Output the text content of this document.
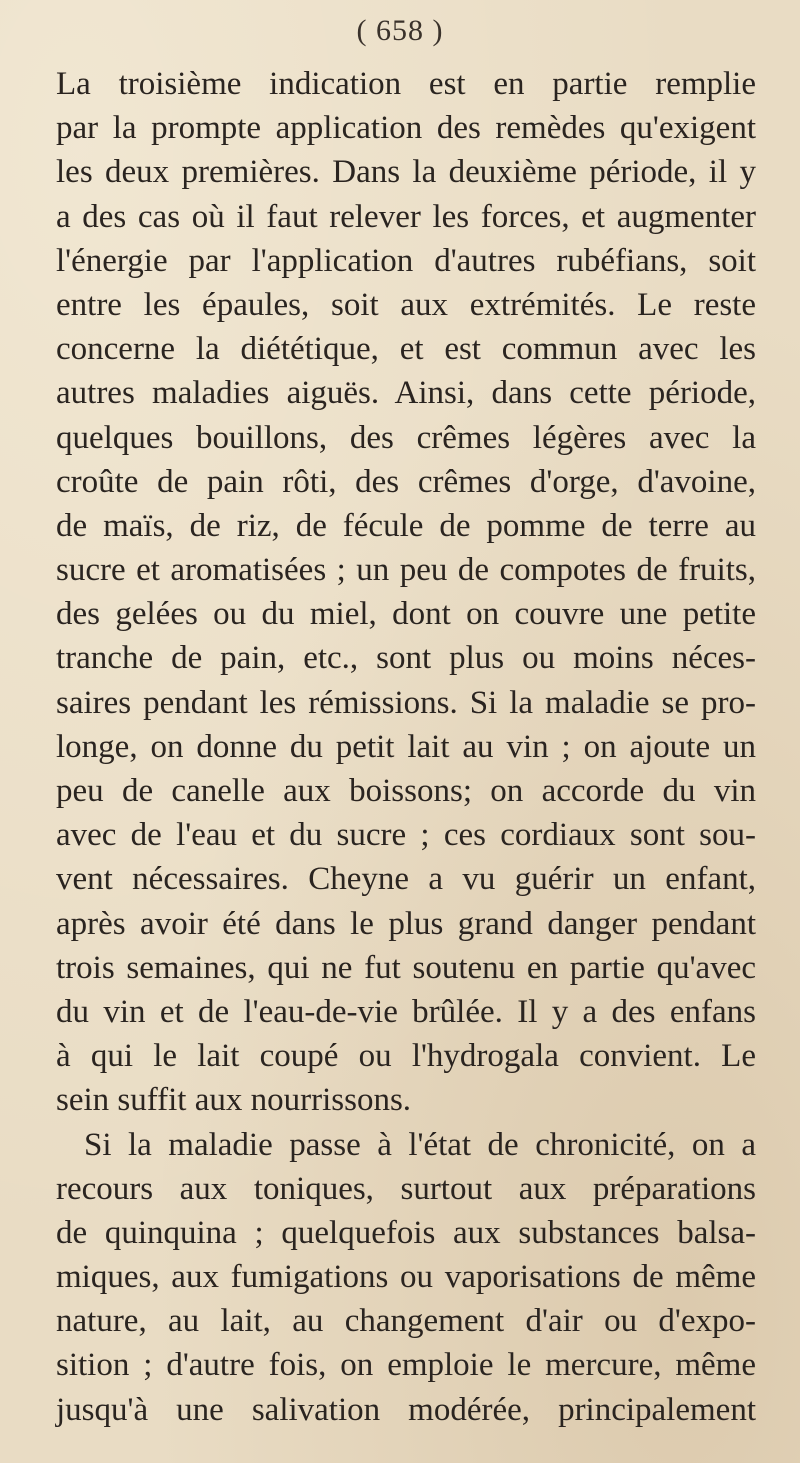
( 658 )
La troisième indication est en partie remplie
par la prompte application des remèdes qu'exigent
les deux premières. Dans la deuxième période, il y
a des cas où il faut relever les forces, et augmenter
l'énergie par l'application d'autres rubéfians, soit
entre les épaules, soit aux extrémités. Le reste
concerne la diététique, et est commun avec les
autres maladies aiguës. Ainsi, dans cette période,
quelques bouillons, des crêmes légères avec la
croûte de pain rôti, des crêmes d'orge, d'avoine,
de maïs, de riz, de fécule de pomme de terre au
sucre et aromatisées ; un peu de compotes de fruits,
des gelées ou du miel, dont on couvre une petite
tranche de pain, etc., sont plus ou moins néces-
saires pendant les rémissions. Si la maladie se pro-
longe, on donne du petit lait au vin ; on ajoute un
peu de canelle aux boissons; on accorde du vin
avec de l'eau et du sucre ; ces cordiaux sont sou-
vent nécessaires. Cheyne a vu guérir un enfant,
après avoir été dans le plus grand danger pendant
trois semaines, qui ne fut soutenu en partie qu'avec
du vin et de l'eau-de-vie brûlée. Il y a des enfans
à qui le lait coupé ou l'hydrogala convient. Le
sein suffit aux nourrissons.
Si la maladie passe à l'état de chronicité, on a
recours aux toniques, surtout aux préparations
de quinquina ; quelquefois aux substances balsa-
miques, aux fumigations ou vaporisations de même
nature, au lait, au changement d'air ou d'expo-
sition ; d'autre fois, on emploie le mercure, même
jusqu'à une salivation modérée, principalement
